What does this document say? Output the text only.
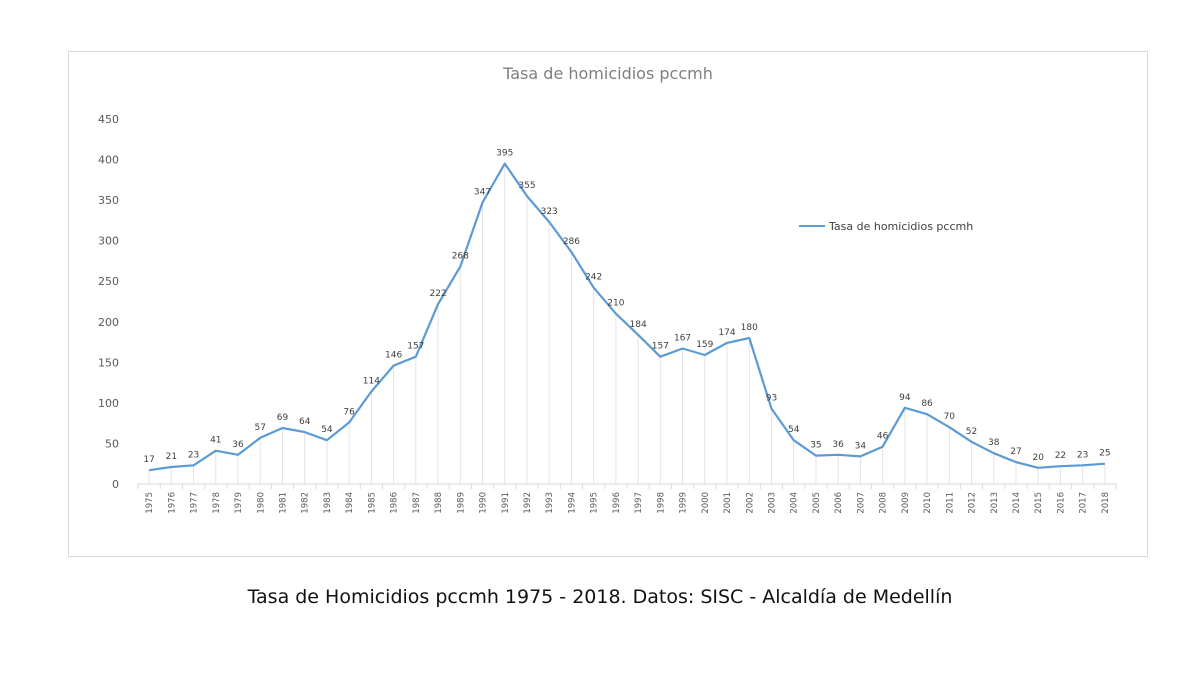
Tasa de homicidios pccmh
0
50
100
150
200
250
300
350
400
450
1975 1976 1977 1978 1979 1980 1981 1982 1983 1984 1985 1986 1987 1988 1989 1990 1991 1992 1993 1994 1995 1996 1997 1998 1999 2000 2001 2002 2003 2004 2005 2006 2007 2008 2009 2010 2011 2012 2013 2014 2015 2016 2017 2018
17 21 23
41 36
57
69 64
54
76
114
146
157
222
268
347
395
355
323
286
242
210
184
157
167
159
174 180
93
54
35 36 34
46
94
86
70
52
38
27
20 22 23 25
Tasa de homicidios pccmh
Tasa de Homicidios pccmh 1975 - 2018. Datos: SISC - Alcaldía de Medellín
